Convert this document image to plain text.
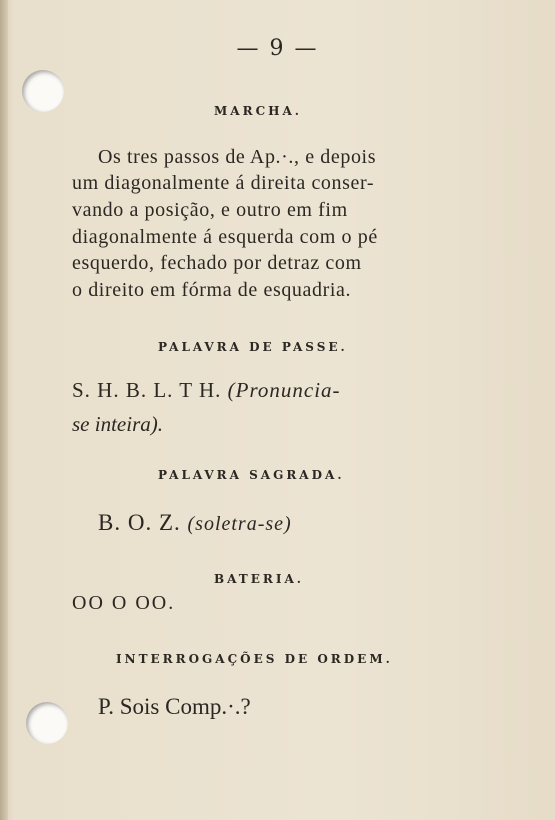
— 9 —
MARCHA.
Os tres passos de Ap.·., e depois
um diagonalmente á direita conser-
vando a posição, e outro em fim
diagonalmente á esquerda com o pé
esquerdo, fechado por detraz com
o direito em fórma de esquadria.
PALAVRA DE PASSE.
S. H. B. L. T H. (Pronuncia-
se inteira).
PALAVRA SAGRADA.
B. O. Z. (soletra-se)
BATERIA.
OO O OO.
INTERROGAÇÕES DE ORDEM.
P. Sois Comp.·.?
